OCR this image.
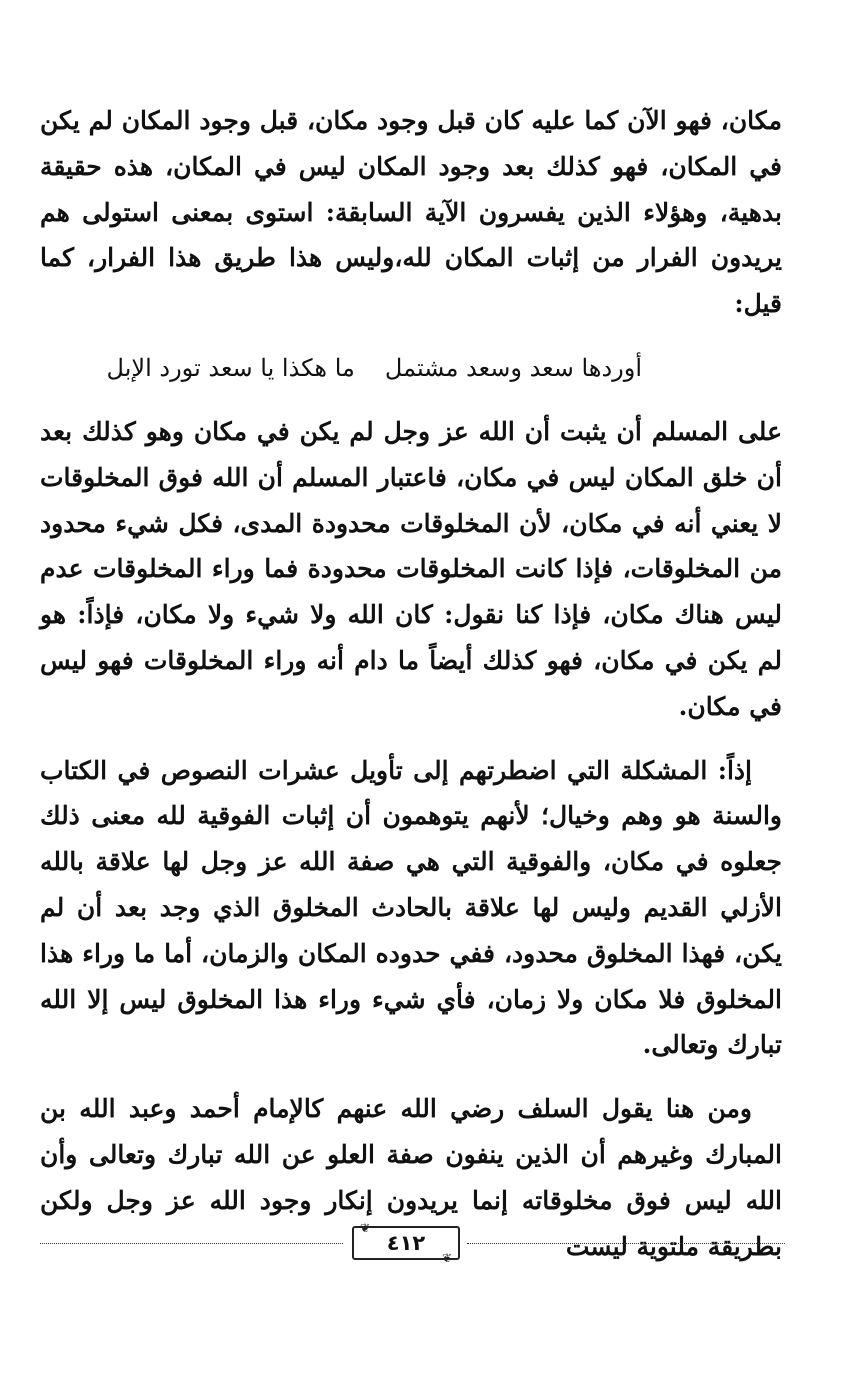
مكان، فهو الآن كما عليه كان قبل وجود مكان، قبل وجود المكان لم يكن في المكان، فهو كذلك بعد وجود المكان ليس في المكان، هذه حقيقة بدهية، وهؤلاء الذين يفسرون الآية السابقة: استوى بمعنى استولى هم يريدون الفرار من إثبات المكان لله،وليس هذا طريق هذا الفرار، كما قيل:

أوردها سعد وسعد مشتملما هكذا يا سعد تورد الإبل

على المسلم أن يثبت أن الله عز وجل لم يكن في مكان وهو كذلك بعد أن خلق المكان ليس في مكان، فاعتبار المسلم أن الله فوق المخلوقات لا يعني أنه في مكان، لأن المخلوقات محدودة المدى، فكل شيء محدود من المخلوقات، فإذا كانت المخلوقات محدودة فما وراء المخلوقات عدم ليس هناك مكان، فإذا كنا نقول: كان الله ولا شيء ولا مكان، فإذاً: هو لم يكن في مكان، فهو كذلك أيضاً ما دام أنه وراء المخلوقات فهو ليس في مكان.

إذاً: المشكلة التي اضطرتهم إلى تأويل عشرات النصوص في الكتاب والسنة هو وهم وخيال؛ لأنهم يتوهمون أن إثبات الفوقية لله معنى ذلك جعلوه في مكان، والفوقية التي هي صفة الله عز وجل لها علاقة بالله الأزلي القديم وليس لها علاقة بالحادث المخلوق الذي وجد بعد أن لم يكن، فهذا المخلوق محدود، ففي حدوده المكان والزمان، أما ما وراء هذا المخلوق فلا مكان ولا زمان، فأي شيء وراء هذا المخلوق ليس إلا الله تبارك وتعالى.

ومن هنا يقول السلف رضي الله عنهم كالإمام أحمد وعبد الله بن المبارك وغيرهم أن الذين ينفون صفة العلو عن الله تبارك وتعالى وأن الله ليس فوق مخلوقاته إنما يريدون إنكار وجود الله عز وجل ولكن بطريقة ملتوية ليست

❦
٤١٢
❦
